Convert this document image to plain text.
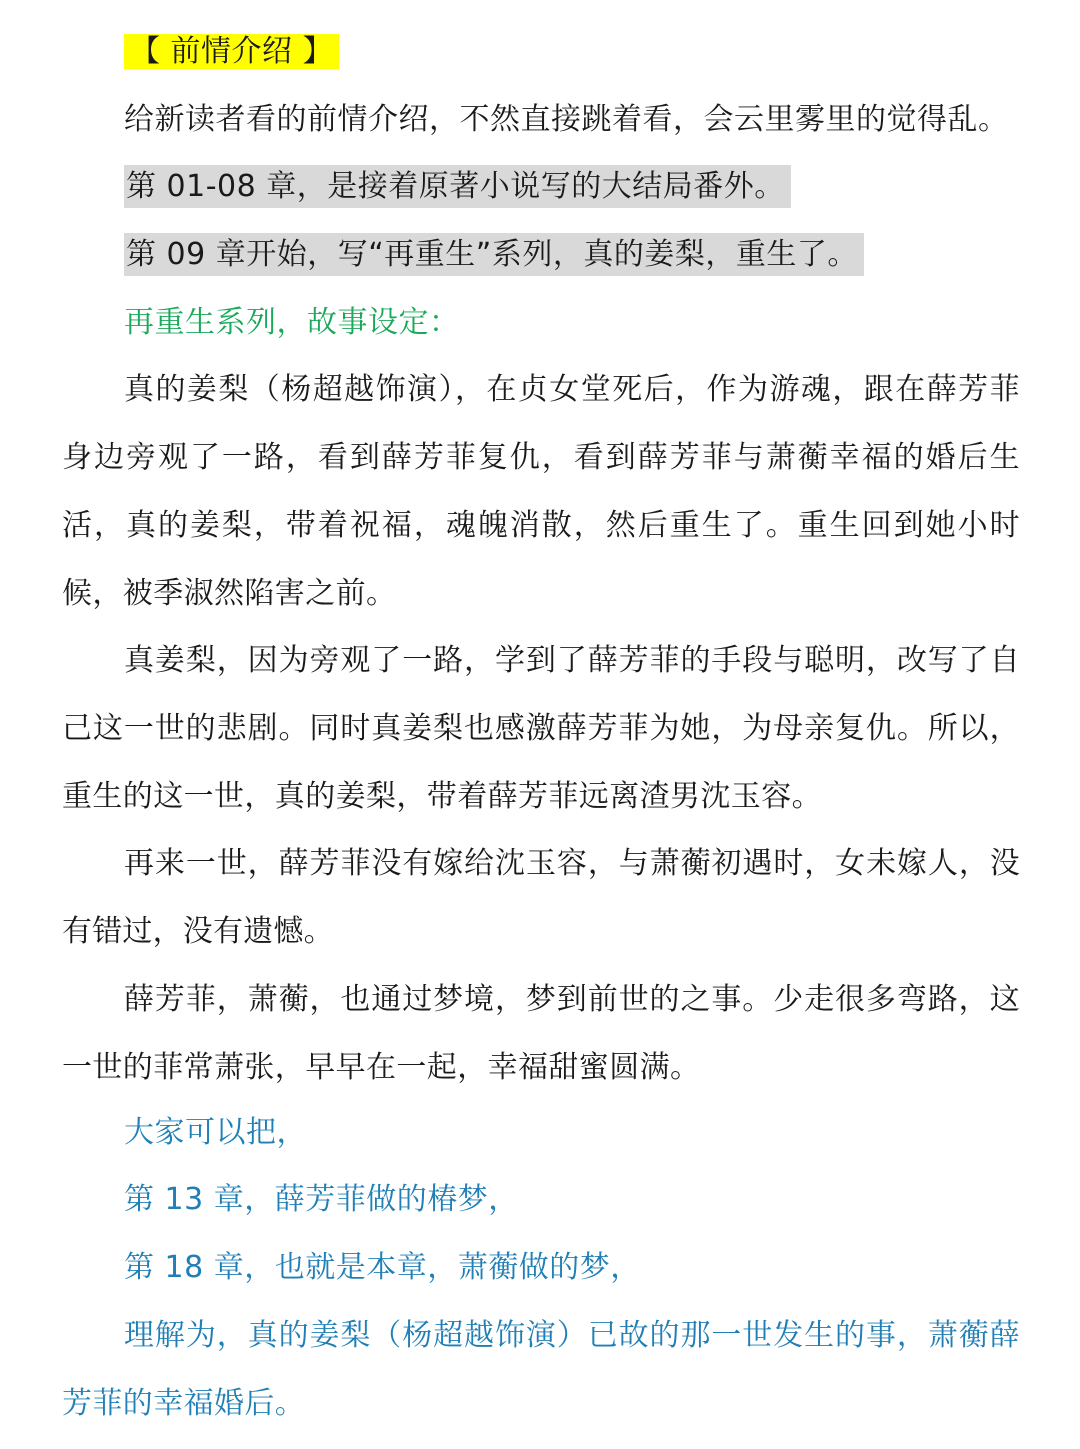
【 前情介绍 】
给新读者看的前情介绍，不然直接跳着看，会云里雾里的觉得乱。
第 01-08 章，是接着原著小说写的大结局番外。
第 09 章开始，写“再重生”系列，真的姜梨，重生了。
再重生系列，故事设定：
真的姜梨（杨超越饰演），在贞女堂死后，作为游魂，跟在薛芳菲身边旁观了一路，看到薛芳菲复仇，看到薛芳菲与萧蘅幸福的婚后生活，真的姜梨，带着祝福，魂魄消散，然后重生了。重生回到她小时候，被季淑然陷害之前。
真姜梨，因为旁观了一路，学到了薛芳菲的手段与聪明，改写了自己这一世的悲剧。同时真姜梨也感激薛芳菲为她，为母亲复仇。所以，重生的这一世，真的姜梨，带着薛芳菲远离渣男沈玉容。
再来一世，薛芳菲没有嫁给沈玉容，与萧蘅初遇时，女未嫁人，没有错过，没有遗憾。
薛芳菲，萧蘅，也通过梦境，梦到前世的之事。少走很多弯路，这一世的菲常萧张，早早在一起，幸福甜蜜圆满。
大家可以把，
第 13 章，薛芳菲做的椿梦，
第 18 章，也就是本章，萧蘅做的梦，
理解为，真的姜梨（杨超越饰演）已故的那一世发生的事，萧蘅薛芳菲的幸福婚后。
